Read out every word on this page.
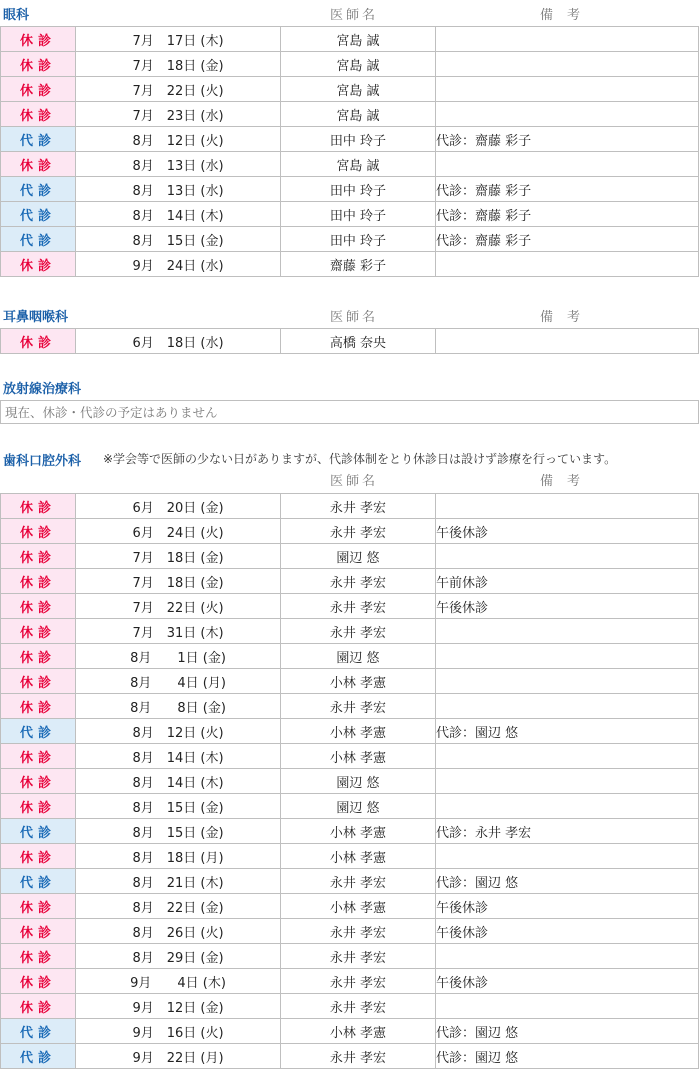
眼科	医師名	備考
休診	7月　17日 (木)	宮島 誠	
休診	7月　18日 (金)	宮島 誠	
休診	7月　22日 (火)	宮島 誠	
休診	7月　23日 (水)	宮島 誠	
代診	8月　12日 (火)	田中 玲子	代診：齋藤 彩子
休診	8月　13日 (水)	宮島 誠	
代診	8月　13日 (水)	田中 玲子	代診：齋藤 彩子
代診	8月　14日 (木)	田中 玲子	代診：齋藤 彩子
代診	8月　15日 (金)	田中 玲子	代診：齋藤 彩子
休診	9月　24日 (水)	齋藤 彩子	
耳鼻咽喉科	医師名	備考
休診	6月　18日 (水)	高橋 奈央	
放射線治療科
現在、休診・代診の予定はありません
歯科口腔外科 ※学会等で医師の少ない日がありますが、代診体制をとり休診日は設けず診療を行っています。
医師名	備考
休診	6月　20日 (金)	永井 孝宏	
休診	6月　24日 (火)	永井 孝宏	午後休診
休診	7月　18日 (金)	園辺 悠	
休診	7月　18日 (金)	永井 孝宏	午前休診
休診	7月　22日 (火)	永井 孝宏	午後休診
休診	7月　31日 (木)	永井 孝宏	
休診	8月　　1日 (金)	園辺 悠	
休診	8月　　4日 (月)	小林 孝憲	
休診	8月　　8日 (金)	永井 孝宏	
代診	8月　12日 (火)	小林 孝憲	代診：園辺 悠
休診	8月　14日 (木)	小林 孝憲	
休診	8月　14日 (木)	園辺 悠	
休診	8月　15日 (金)	園辺 悠	
代診	8月　15日 (金)	小林 孝憲	代診：永井 孝宏
休診	8月　18日 (月)	小林 孝憲	
代診	8月　21日 (木)	永井 孝宏	代診：園辺 悠
休診	8月　22日 (金)	小林 孝憲	午後休診
休診	8月　26日 (火)	永井 孝宏	午後休診
休診	8月　29日 (金)	永井 孝宏	
休診	9月　　4日 (木)	永井 孝宏	午後休診
休診	9月　12日 (金)	永井 孝宏	
代診	9月　16日 (火)	小林 孝憲	代診：園辺 悠
代診	9月　22日 (月)	永井 孝宏	代診：園辺 悠
